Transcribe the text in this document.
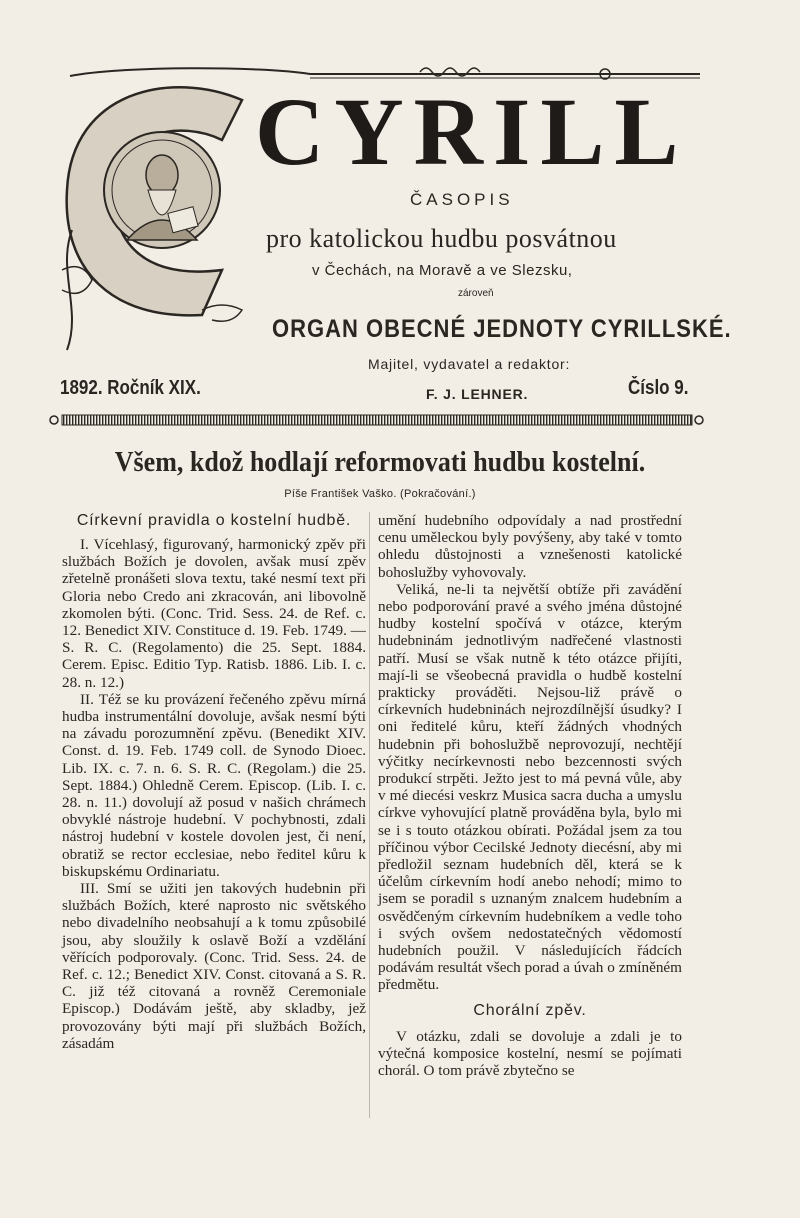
CYRILL
ČASOPIS
pro katolickou hudbu posvátnou
v Čechách, na Moravě a ve Slezsku,
zároveň
ORGAN OBECNÉ JEDNOTY CYRILLSKÉ.
Majitel, vydavatel a redaktor:
1892. Ročník XIX.	F. J. LEHNER.	Číslo 9.
Všem, kdož hodlají reformovati hudbu kostelní.
Píše František Vaško. (Pokračování.)
Církevní pravidla o kostelní hudbě.

I. Vícehlasý, figurovaný, harmonický zpěv při službách Božích je dovolen, avšak musí zpěv zřetelně pronášeti slova textu, také nesmí text při Gloria nebo Credo ani zkracován, ani libovolně zkomolen býti. (Conc. Trid. Sess. 24. de Ref. c. 12. Benedict XIV. Constituce d. 19. Feb. 1749. — S. R. C. (Regolamento) die 25. Sept. 1884. Cerem. Episc. Editio Typ. Ratisb. 1886. Lib. I. c. 28. n. 12.)

II. Též se ku provázení řečeného zpěvu mírná hudba instrumentální dovoluje, avšak nesmí býti na závadu porozumnění zpěvu. (Benedikt XIV. Const. d. 19. Feb. 1749 coll. de Synodo Dioec. Lib. IX. c. 7. n. 6. S. R. C. (Regolam.) die 25. Sept. 1884.) Ohledně Cerem. Episcop. (Lib. I. c. 28. n. 11.) dovolují až posud v našich chrámech obvyklé nástroje hudební. V pochybnosti, zdali nástroj hudební v kostele dovolen jest, či není, obratiž se rector ecclesiae, nebo ředitel kůru k biskupskému Ordinariatu.

III. Smí se užiti jen takových hudebnin při službách Božích, které naprosto nic světského nebo divadelního neobsahují a k tomu způsobilé jsou, aby sloužily k oslavě Boží a vzdělání věřících podporovaly. (Conc. Trid. Sess. 24. de Ref. c. 12.; Benedict XIV. Const. citovaná a S. R. C. již též citovaná a rovněž Ceremoniale Episcop.) Dodávám ještě, aby skladby, jež provozovány býti mají při službách Božích, zásadám

umění hudebního odpovídaly a nad prostřední cenu uměleckou byly povýšeny, aby také v tomto ohledu důstojnosti a vznešenosti katolické bohoslužby vyhovovaly.

Veliká, ne-li ta největší obtíže při zavádění nebo podporování pravé a svého jména důstojné hudby kostelní spočívá v otázce, kterým hudebninám jednotlivým nadřečené vlastnosti patří. Musí se však nutně k této otázce přijíti, mají-li se všeobecná pravidla o hudbě kostelní prakticky prováděti. Nejsou-liž právě o církevních hudebninách nejrozdílnější úsudky? I oni ředitelé kůru, kteří žádných vhodných hudebnin při bohoslužbě neprovozují, nechtějí výčitky necírkevnosti nebo bezcennosti svých produkcí strpěti. Ježto jest to má pevná vůle, aby v mé diecési veskrz Musica sacra ducha a umyslu církve vyhovující platně prováděna byla, bylo mi se i s touto otázkou obírati. Požádal jsem za tou příčinou výbor Cecilské Jednoty diecésní, aby mi předložil seznam hudebních děl, která se k účelům církevním hodí anebo nehodí; mimo to jsem se poradil s uznaným znalcem hudebním a osvědčeným církevním hudebníkem a vedle toho i svých ovšem nedostatečných vědomostí hudebních použil. V následujících řádcích podávám resultát všech porad a úvah o zmíněném předmětu.

Chorální zpěv.

V otázku, zdali se dovoluje a zdali je to výtečná komposice kostelní, nesmí se pojímati chorál. O tom právě zbytečno se
